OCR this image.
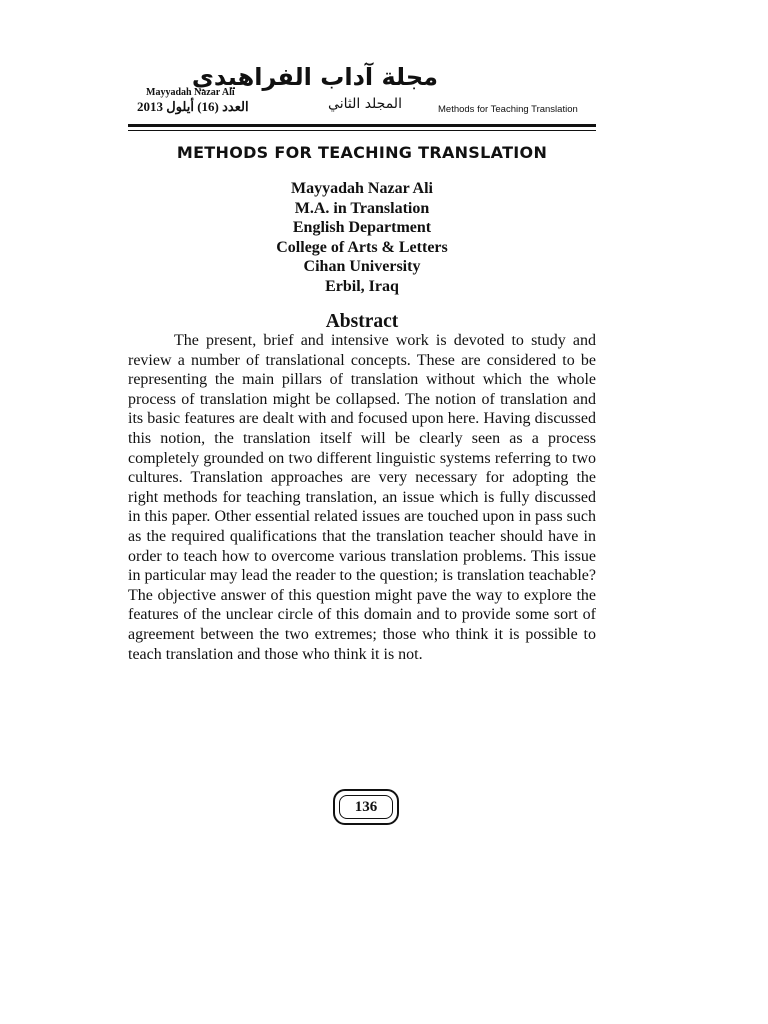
Mayyadah Nazar Ali
العدد (16) أيلول 2013
مجلة آداب الفراهيدي
المجلد الثاني	Methods for Teaching Translation
METHODS FOR TEACHING TRANSLATION
Mayyadah Nazar Ali
M.A. in Translation
English Department
College of Arts & Letters
Cihan University
Erbil, Iraq
Abstract
The present, brief and intensive work is devoted to study and review a number of translational concepts. These are considered to be representing the main pillars of translation without which the whole process of translation might be collapsed. The notion of translation and its basic features are dealt with and focused upon here. Having discussed this notion, the translation itself will be clearly seen as a process completely grounded on two different linguistic systems referring to two cultures. Translation approaches are very necessary for adopting the right methods for teaching translation, an issue which is fully discussed in this paper. Other essential related issues are touched upon in pass such as the required qualifications that the translation teacher should have in order to teach how to overcome various translation problems. This issue in particular may lead the reader to the question; is translation teachable? The objective answer of this question might pave the way to explore the features of the unclear circle of this domain and to provide some sort of agreement between the two extremes; those who think it is possible to teach translation and those who think it is not.
136
